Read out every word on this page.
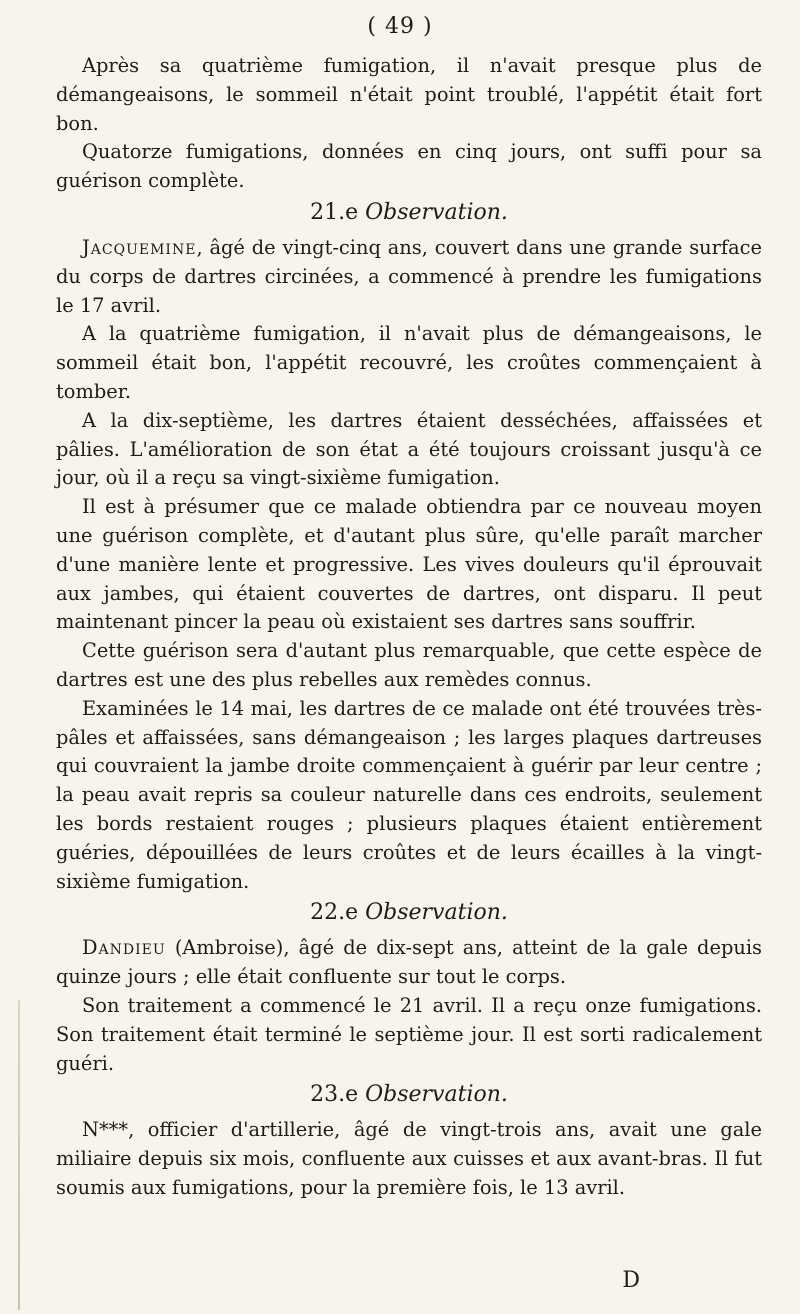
( 49 )

Après sa quatrième fumigation, il n'avait presque plus de démangeaisons, le sommeil n'était point troublé, l'appétit était fort bon.

Quatorze fumigations, données en cinq jours, ont suffi pour sa guérison complète.

21.e Observation.

Jacquemine, âgé de vingt-cinq ans, couvert dans une grande surface du corps de dartres circinées, a commencé à prendre les fumigations le 17 avril.

A la quatrième fumigation, il n'avait plus de démangeaisons, le sommeil était bon, l'appétit recouvré, les croûtes commençaient à tomber.

A la dix-septième, les dartres étaient desséchées, affaissées et pâlies. L'amélioration de son état a été toujours croissant jusqu'à ce jour, où il a reçu sa vingt-sixième fumigation.

Il est à présumer que ce malade obtiendra par ce nouveau moyen une guérison complète, et d'autant plus sûre, qu'elle paraît marcher d'une manière lente et progressive. Les vives douleurs qu'il éprouvait aux jambes, qui étaient couvertes de dartres, ont disparu. Il peut maintenant pincer la peau où existaient ses dartres sans souffrir.

Cette guérison sera d'autant plus remarquable, que cette espèce de dartres est une des plus rebelles aux remèdes connus.

Examinées le 14 mai, les dartres de ce malade ont été trouvées très-pâles et affaissées, sans démangeaison ; les larges plaques dartreuses qui couvraient la jambe droite commençaient à guérir par leur centre ; la peau avait repris sa couleur naturelle dans ces endroits, seulement les bords restaient rouges ; plusieurs plaques étaient entièrement guéries, dépouillées de leurs croûtes et de leurs écailles à la vingt-sixième fumigation.

22.e Observation.

Dandieu (Ambroise), âgé de dix-sept ans, atteint de la gale depuis quinze jours ; elle était confluente sur tout le corps.

Son traitement a commencé le 21 avril. Il a reçu onze fumigations. Son traitement était terminé le septième jour. Il est sorti radicalement guéri.

23.e Observation.

N***, officier d'artillerie, âgé de vingt-trois ans, avait une gale miliaire depuis six mois, confluente aux cuisses et aux avant-bras. Il fut soumis aux fumigations, pour la première fois, le 13 avril.

D
